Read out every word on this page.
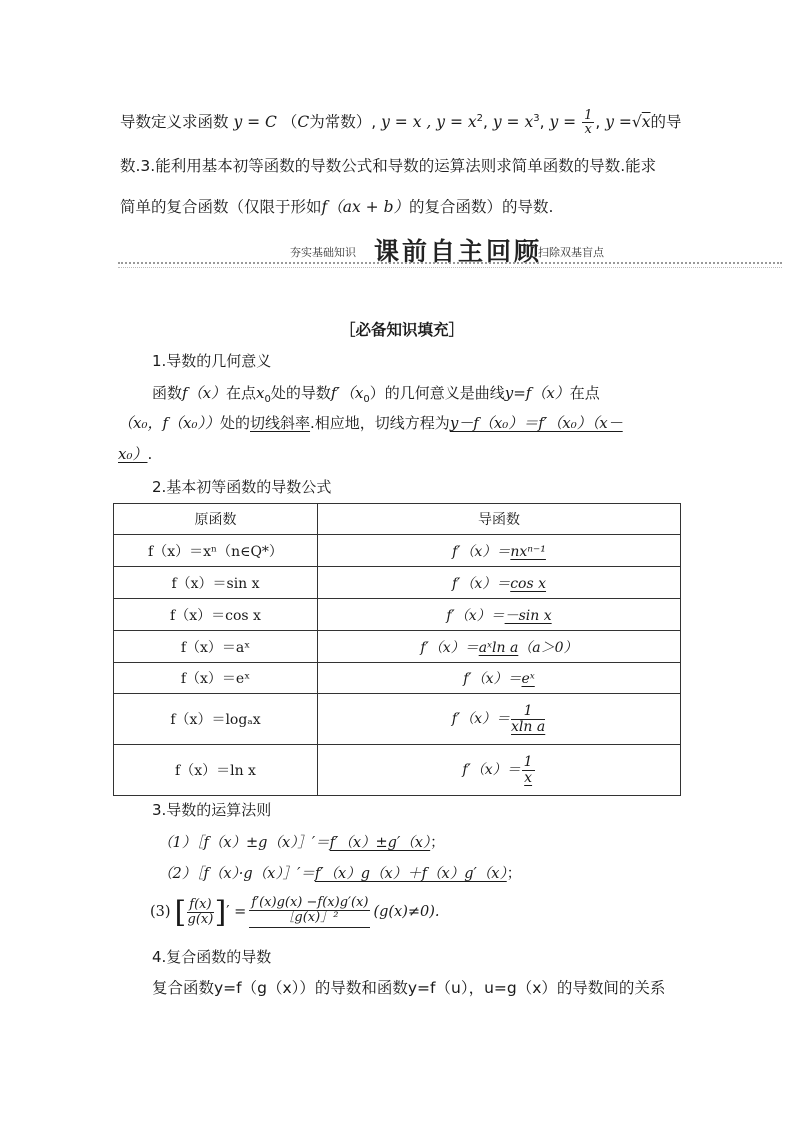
导数定义求函数 y = C （C为常数）, y = x , $y = x^2$, $y = x^3$, $y = \frac{1}{x}$ , y =√x的导
数.3.能利用基本初等函数的导数公式和导数的运算法则求简单函数的导数.能求
简单的复合函数（仅限于形如f（ax + b）的复合函数）的导数.
夯实基础知识 课前自主回顾
扫除双基盲点
［必备知识填充］
1.导数的几何意义
函数f（x）在点$x_0$处的导数$f'(x_0)$的几何意义是曲线y=f（x）在点
（x₀，f（x₀））处的切线斜率.相应地，切线方程为y－f（x₀）＝f′（x₀）（x－
x₀）.
2.基本初等函数的导数公式
原函数	导函数
f（x）＝xⁿ（n∈Q*）	f′（x）＝nxⁿ⁻¹
f（x）＝sin x	f′（x）＝cos x
f（x）＝cos x	f′（x）＝－sin x
f（x）＝aˣ	f′（x）＝aˣln a（a＞0）
f（x）＝eˣ	f′（x）＝eˣ
f（x）＝logₐx	$f'(x)= \frac{1}{\text{xln a}}$

f（x）＝ln x	$f'(x)= \frac{1}{x}$
3.导数的运算法则
（1）［f（x）±g（x）］′＝f′（x）±g′（x）；
（2）［f（x）·g（x）］′＝f′（x）g（x）＋f（x）g′（x）；
(3) [ $\frac{f(x)}{g(x)}$ ] ′ = $\frac{f'(x)g(x) -f(x)g'(x)}{\text{［g(x)］²}} (g(x)\ne 0)$.
4.复合函数的导数
复合函数y=f（g（x））的导数和函数y=f（u），u=g（x）的导数间的关系
